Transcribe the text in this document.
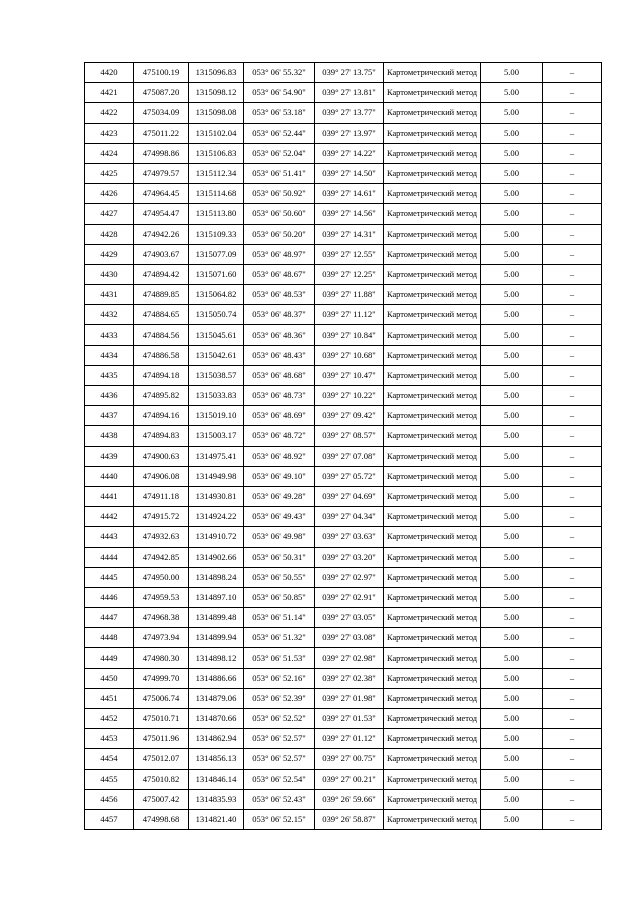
4420	475100.19	1315096.83	053° 06' 55.32"	039° 27' 13.75"	Картометрический метод	5.00	–
4421	475087.20	1315098.12	053° 06' 54.90"	039° 27' 13.81"	Картометрический метод	5.00	–
4422	475034.09	1315098.08	053° 06' 53.18"	039° 27' 13.77"	Картометрический метод	5.00	–
4423	475011.22	1315102.04	053° 06' 52.44"	039° 27' 13.97"	Картометрический метод	5.00	–
4424	474998.86	1315106.83	053° 06' 52.04"	039° 27' 14.22"	Картометрический метод	5.00	–
4425	474979.57	1315112.34	053° 06' 51.41"	039° 27' 14.50"	Картометрический метод	5.00	–
4426	474964.45	1315114.68	053° 06' 50.92"	039° 27' 14.61"	Картометрический метод	5.00	–
4427	474954.47	1315113.80	053° 06' 50.60"	039° 27' 14.56"	Картометрический метод	5.00	–
4428	474942.26	1315109.33	053° 06' 50.20"	039° 27' 14.31"	Картометрический метод	5.00	–
4429	474903.67	1315077.09	053° 06' 48.97"	039° 27' 12.55"	Картометрический метод	5.00	–
4430	474894.42	1315071.60	053° 06' 48.67"	039° 27' 12.25"	Картометрический метод	5.00	–
4431	474889.85	1315064.82	053° 06' 48.53"	039° 27' 11.88"	Картометрический метод	5.00	–
4432	474884.65	1315050.74	053° 06' 48.37"	039° 27' 11.12"	Картометрический метод	5.00	–
4433	474884.56	1315045.61	053° 06' 48.36"	039° 27' 10.84"	Картометрический метод	5.00	–
4434	474886.58	1315042.61	053° 06' 48.43"	039° 27' 10.68"	Картометрический метод	5.00	–
4435	474894.18	1315038.57	053° 06' 48.68"	039° 27' 10.47"	Картометрический метод	5.00	–
4436	474895.82	1315033.83	053° 06' 48.73"	039° 27' 10.22"	Картометрический метод	5.00	–
4437	474894.16	1315019.10	053° 06' 48.69"	039° 27' 09.42"	Картометрический метод	5.00	–
4438	474894.83	1315003.17	053° 06' 48.72"	039° 27' 08.57"	Картометрический метод	5.00	–
4439	474900.63	1314975.41	053° 06' 48.92"	039° 27' 07.08"	Картометрический метод	5.00	–
4440	474906.08	1314949.98	053° 06' 49.10"	039° 27' 05.72"	Картометрический метод	5.00	–
4441	474911.18	1314930.81	053° 06' 49.28"	039° 27' 04.69"	Картометрический метод	5.00	–
4442	474915.72	1314924.22	053° 06' 49.43"	039° 27' 04.34"	Картометрический метод	5.00	–
4443	474932.63	1314910.72	053° 06' 49.98"	039° 27' 03.63"	Картометрический метод	5.00	–
4444	474942.85	1314902.66	053° 06' 50.31"	039° 27' 03.20"	Картометрический метод	5.00	–
4445	474950.00	1314898.24	053° 06' 50.55"	039° 27' 02.97"	Картометрический метод	5.00	–
4446	474959.53	1314897.10	053° 06' 50.85"	039° 27' 02.91"	Картометрический метод	5.00	–
4447	474968.38	1314899.48	053° 06' 51.14"	039° 27' 03.05"	Картометрический метод	5.00	–
4448	474973.94	1314899.94	053° 06' 51.32"	039° 27' 03.08"	Картометрический метод	5.00	–
4449	474980.30	1314898.12	053° 06' 51.53"	039° 27' 02.98"	Картометрический метод	5.00	–
4450	474999.70	1314886.66	053° 06' 52.16"	039° 27' 02.38"	Картометрический метод	5.00	–
4451	475006.74	1314879.06	053° 06' 52.39"	039° 27' 01.98"	Картометрический метод	5.00	–
4452	475010.71	1314870.66	053° 06' 52.52"	039° 27' 01.53"	Картометрический метод	5.00	–
4453	475011.96	1314862.94	053° 06' 52.57"	039° 27' 01.12"	Картометрический метод	5.00	–
4454	475012.07	1314856.13	053° 06' 52.57"	039° 27' 00.75"	Картометрический метод	5.00	–
4455	475010.82	1314846.14	053° 06' 52.54"	039° 27' 00.21"	Картометрический метод	5.00	–
4456	475007.42	1314835.93	053° 06' 52.43"	039° 26' 59.66"	Картометрический метод	5.00	–
4457	474998.68	1314821.40	053° 06' 52.15"	039° 26' 58.87"	Картометрический метод	5.00	–
